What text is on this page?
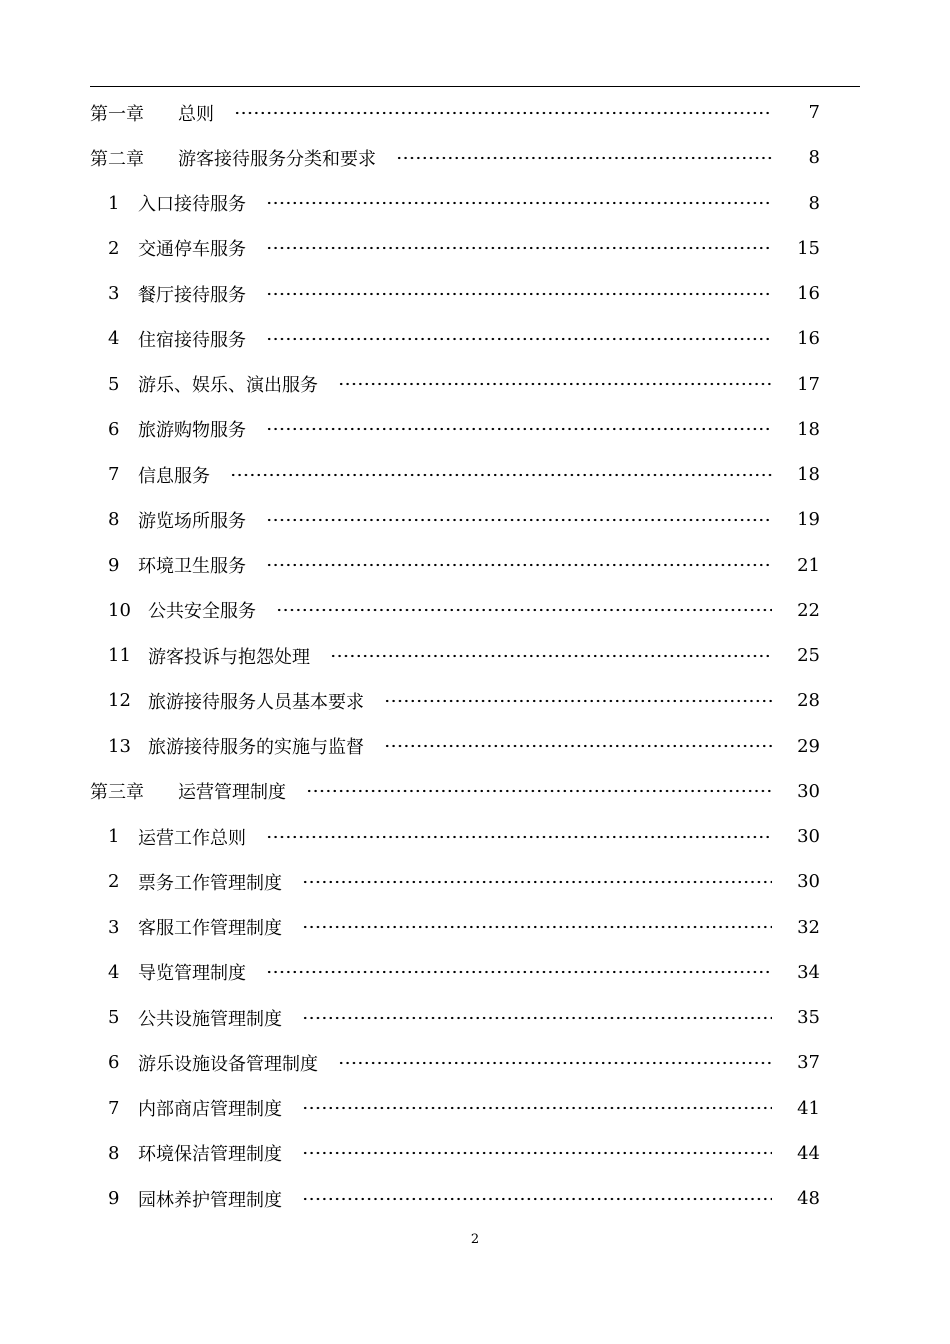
第一章	总则	7
第二章	游客接待服务分类和要求	8
1	入口接待服务	8
2	交通停车服务	15
3	餐厅接待服务	16
4	住宿接待服务	16
5	游乐、娱乐、演出服务	17
6	旅游购物服务	18
7	信息服务	18
8	游览场所服务	19
9	环境卫生服务	21
10 公共安全服务	22
11 游客投诉与抱怨处理	25
12 旅游接待服务人员基本要求	28
13 旅游接待服务的实施与监督	29
第三章	运营管理制度	30
1	运营工作总则	30
2	票务工作管理制度	30
3	客服工作管理制度	32
4	导览管理制度	34
5	公共设施管理制度	35
6	游乐设施设备管理制度	37
7	内部商店管理制度	41
8	环境保洁管理制度	44
9	园林养护管理制度	48
2
